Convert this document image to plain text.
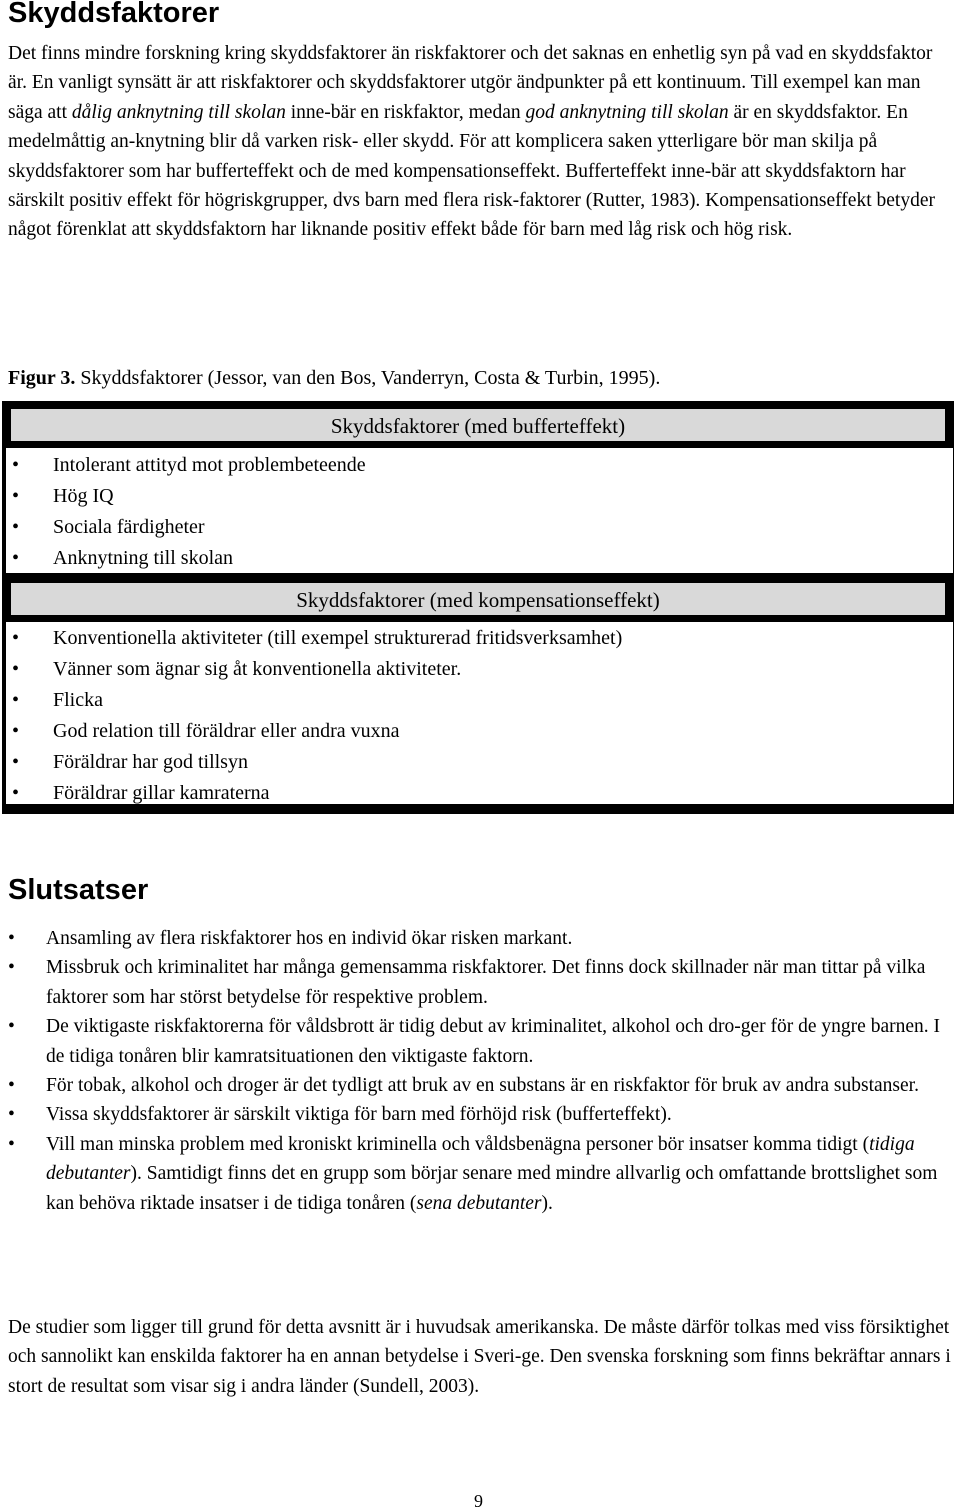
Skyddsfaktorer

Det finns mindre forskning kring skyddsfaktorer än riskfaktorer och det saknas en enhetlig syn på vad en skyddsfaktor är. En vanligt synsätt är att riskfaktorer och skyddsfaktorer utgör ändpunkter på ett kontinuum. Till exempel kan man säga att dålig anknytning till skolan inne-bär en riskfaktor, medan god anknytning till skolan är en skyddsfaktor. En medelmåttig an-knytning blir då varken risk- eller skydd. För att komplicera saken ytterligare bör man skilja på skyddsfaktorer som har bufferteffekt och de med kompensationseffekt. Bufferteffekt inne-bär att skyddsfaktorn har särskilt positiv effekt för högriskgrupper, dvs barn med flera risk-faktorer (Rutter, 1983). Kompensationseffekt betyder något förenklat att skyddsfaktorn har liknande positiv effekt både för barn med låg risk och hög risk.

Figur 3. Skyddsfaktorer (Jessor, van den Bos, Vanderryn, Costa & Turbin, 1995).

Skyddsfaktorer (med bufferteffekt)
• Intolerant attityd mot problembeteende
• Hög IQ
• Sociala färdigheter
• Anknytning till skolan
Skyddsfaktorer (med kompensationseffekt)
• Konventionella aktiviteter (till exempel strukturerad fritidsverksamhet)
• Vänner som ägnar sig åt konventionella aktiviteter.
• Flicka
• God relation till föräldrar eller andra vuxna
• Föräldrar har god tillsyn
• Föräldrar gillar kamraterna
Slutsatser
• Ansamling av flera riskfaktorer hos en individ ökar risken markant.
• Missbruk och kriminalitet har många gemensamma riskfaktorer. Det finns dock skillnader när man tittar på vilka faktorer som har störst betydelse för respektive problem.
• De viktigaste riskfaktorerna för våldsbrott är tidig debut av kriminalitet, alkohol och dro-ger för de yngre barnen. I de tidiga tonåren blir kamratsituationen den viktigaste faktorn.
• För tobak, alkohol och droger är det tydligt att bruk av en substans är en riskfaktor för bruk av andra substanser.
• Vissa skyddsfaktorer är särskilt viktiga för barn med förhöjd risk (bufferteffekt).
• Vill man minska problem med kroniskt kriminella och våldsbenägna personer bör insatser komma tidigt (tidiga debutanter). Samtidigt finns det en grupp som börjar senare med mindre allvarlig och omfattande brottslighet som kan behöva riktade insatser i de tidiga tonåren (sena debutanter).

De studier som ligger till grund för detta avsnitt är i huvudsak amerikanska. De måste därför tolkas med viss försiktighet och sannolikt kan enskilda faktorer ha en annan betydelse i Sveri-ge. Den svenska forskning som finns bekräftar annars i stort de resultat som visar sig i andra länder (Sundell, 2003).

9
